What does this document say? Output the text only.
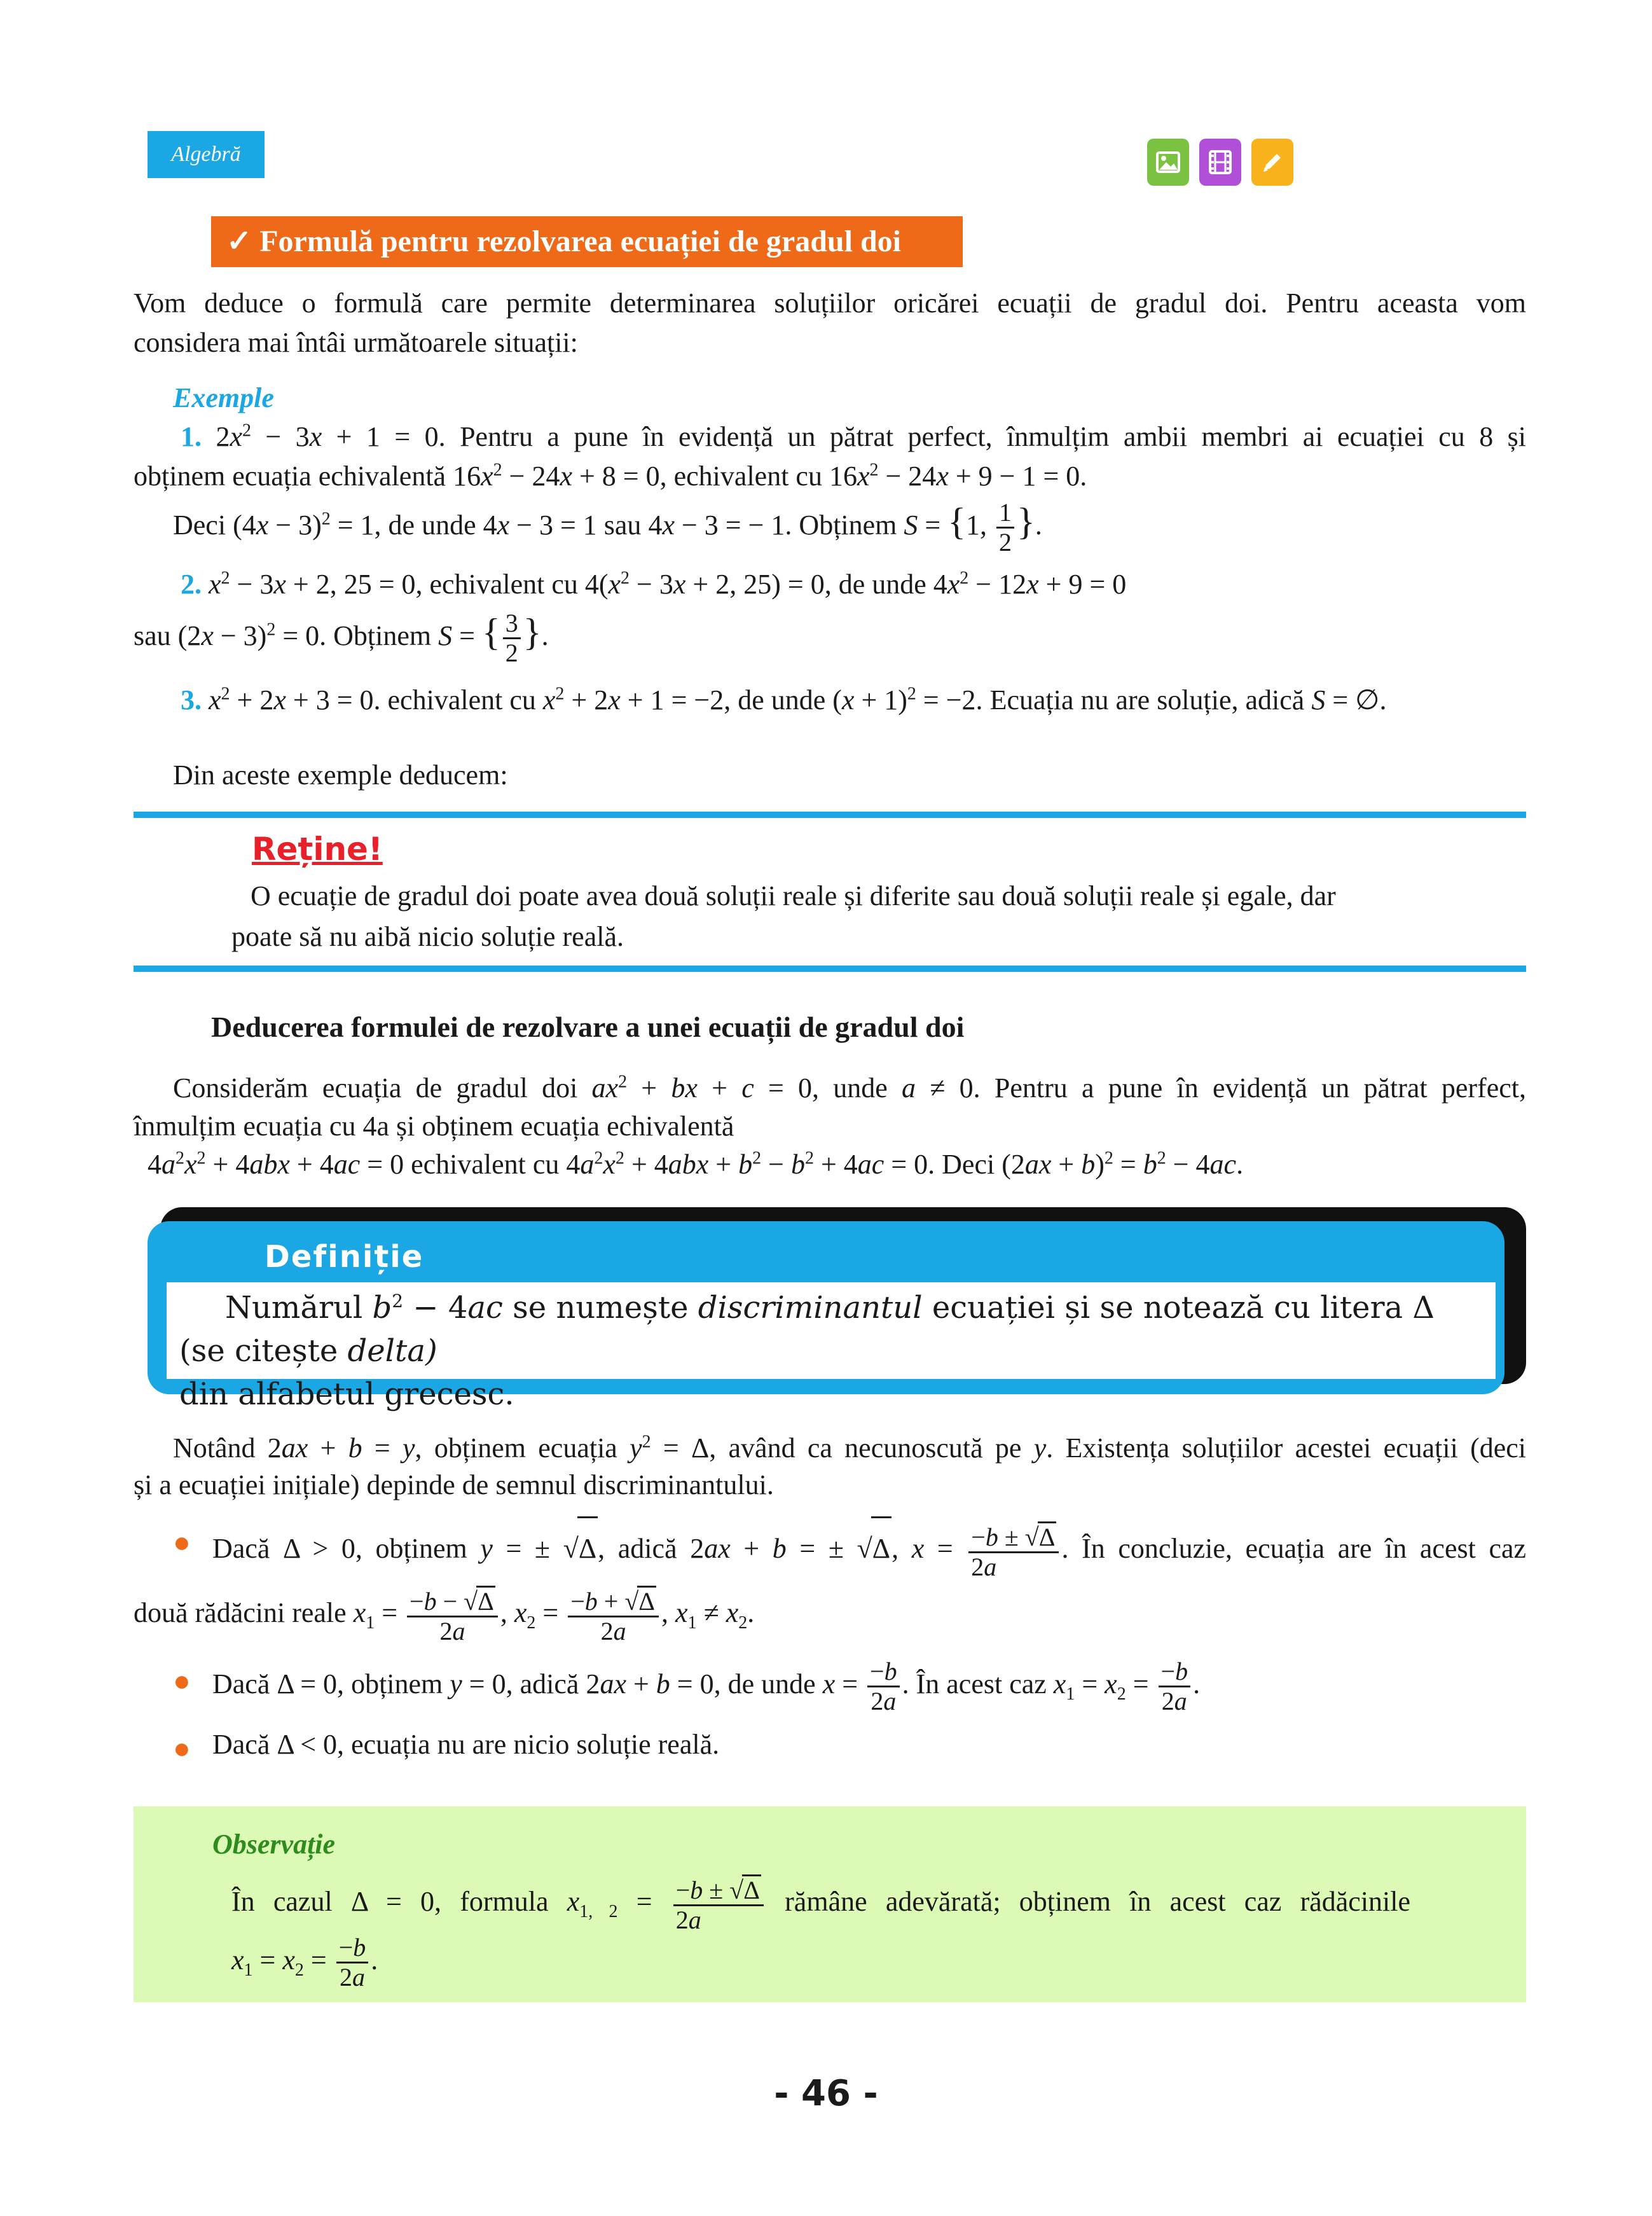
Algebră
✓ Formulă pentru rezolvarea ecuației de gradul doi
Vom deduce o formulă care permite determinarea soluțiilor oricărei ecuații de gradul doi. Pentru aceasta vom
considera mai întâi următoarele situații:
Exemple
1. $2x^2 - 3x + 1 = 0$. Pentru a pune în evidență un pătrat perfect, înmulțim ambii membri ai ecuației cu 8 și
obținem ecuația echivalentă $16x^2 - 24x + 8 = 0$, echivalent cu $16x^2 - 24x + 9 - 1 = 0$.
Deci $(4x - 3)^2 = 1$, de unde 4x − 3 = 1 sau 4x − 3 = − 1. Obținem S = {1, $\frac{1}{2}$ }.
2. $x^2 - 3x + 2$, 25 = 0, echivalent cu $4(x^2 - 3x + 2$, 25) = 0, de unde $4x^2 - 12x + 9 = 0$
sau $(2x - 3)^2 = 0$. Obținem S = { $\frac{3}{2}$ }.
3. $x^2 + 2x + 3 = 0$. echivalent cu $x^2 + 2x + 1 = -2$, de unde $(x + 1)^2 = -2$. Ecuația nu are soluție, adică S = ∅.
Din aceste exemple deducem:
Reține!
O ecuație de gradul doi poate avea două soluții reale și diferite sau două soluții reale și egale, dar
poate să nu aibă nicio soluție reală.
Deducerea formulei de rezolvare a unei ecuații de gradul doi
Considerăm ecuația de gradul doi $ax^2$ + bx + c = 0, unde a ≠ 0. Pentru a pune în evidență un pătrat perfect,
înmulțim ecuația cu 4a și obținem ecuația echivalentă
$4a^2x^2 + 4abx + 4ac = 0$ echivalent cu $4a^2x^2 + 4abx + b^2 - b^2 + 4ac = 0$. Deci $(2ax + b)^2 = b^2 - 4ac$.
Definiție
Numărul $b^2 - 4ac$ se numește discriminantul ecuației și se notează cu litera Δ (se citește delta)
din alfabetul grecesc.
Notând 2ax + b = y, obținem ecuația $y^2 = \Delta$, având ca necunoscută pe y. Existența soluțiilor acestei ecuații (deci
și a ecuației inițiale) depinde de semnul discriminantului.
● Dacă Δ > 0, obținem y = ± √Δ, adică 2ax + b = ± √Δ, $x = \frac{-b \pm √\Delta}{2a}$ . În concluzie, ecuația are în acest caz
două rădăcini reale $x_1 = \frac{-b - √\Delta}{2a}$ , $x_2 = \frac{-b + √\Delta}{2a}$ , $x_1 \ne x_2$.
● Dacă Δ = 0, obținem y = 0, adică 2ax + b = 0, de unde $x = \frac{-b}{2a}$ . În acest caz $x_1 = x_2 = \frac{-b}{2a}$ .
● Dacă Δ < 0, ecuația nu are nicio soluție reală.
Observație
În cazul Δ = 0, formula $x_{1, 2} = \frac{-b \pm √\Delta}{2a}$ rămâne adevărată; obținem în acest caz rădăcinile
$x_1 = x_2 = \frac{-b}{2a}$ .
- 46 -
